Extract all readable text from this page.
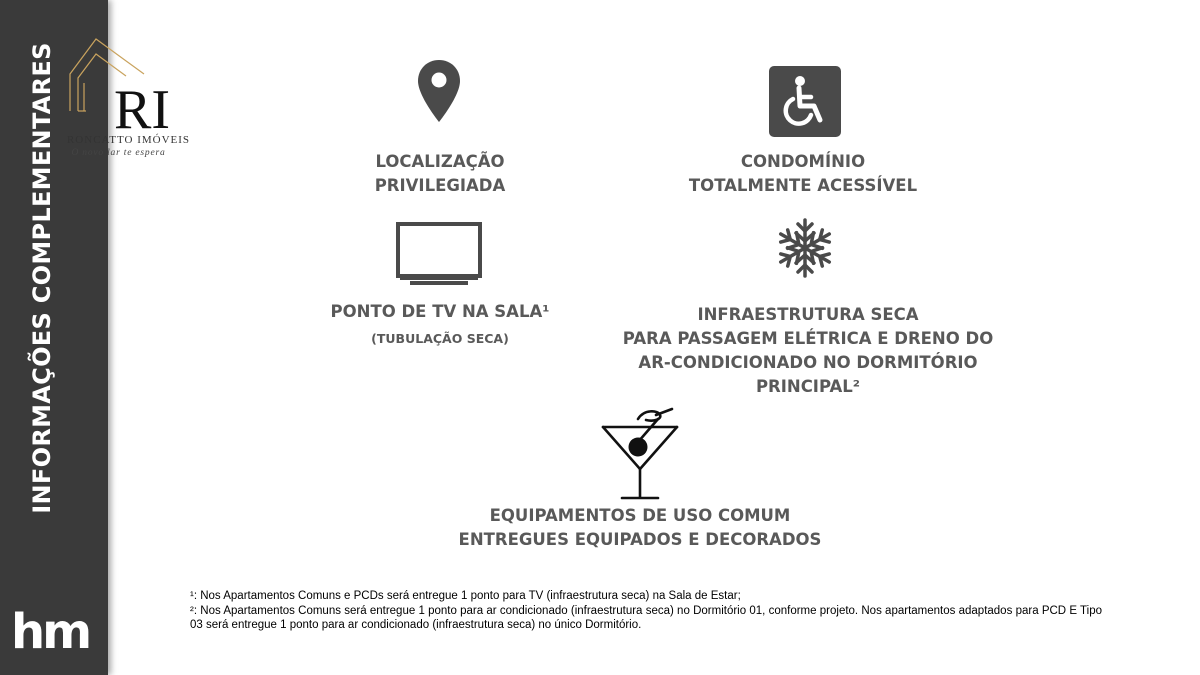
INFORMAÇÕES COMPLEMENTARES
hm
RI
RONCATTO IMÓVEIS
O novo lar te espera	LOCALIZAÇÃO
PRIVILEGIADA
CONDOMÍNIO
TOTALMENTE ACESSÍVEL
PONTO DE TV NA SALA¹
(TUBULAÇÃO SECA)
INFRAESTRUTURA SECA
PARA PASSAGEM ELÉTRICA E DRENO DO
AR-CONDICIONADO NO DORMITÓRIO PRINCIPAL²
EQUIPAMENTOS DE USO COMUM
ENTREGUES EQUIPADOS E DECORADOS

¹: Nos Apartamentos Comuns e PCDs será entregue 1 ponto para TV (infraestrutura seca) na Sala de Estar;

²: Nos Apartamentos Comuns será entregue 1 ponto para ar condicionado (infraestrutura seca) no Dormitório 01, conforme projeto. Nos apartamentos adaptados para PCD E Tipo 03 será entregue 1 ponto para ar condicionado (infraestrutura seca) no único Dormitório.
